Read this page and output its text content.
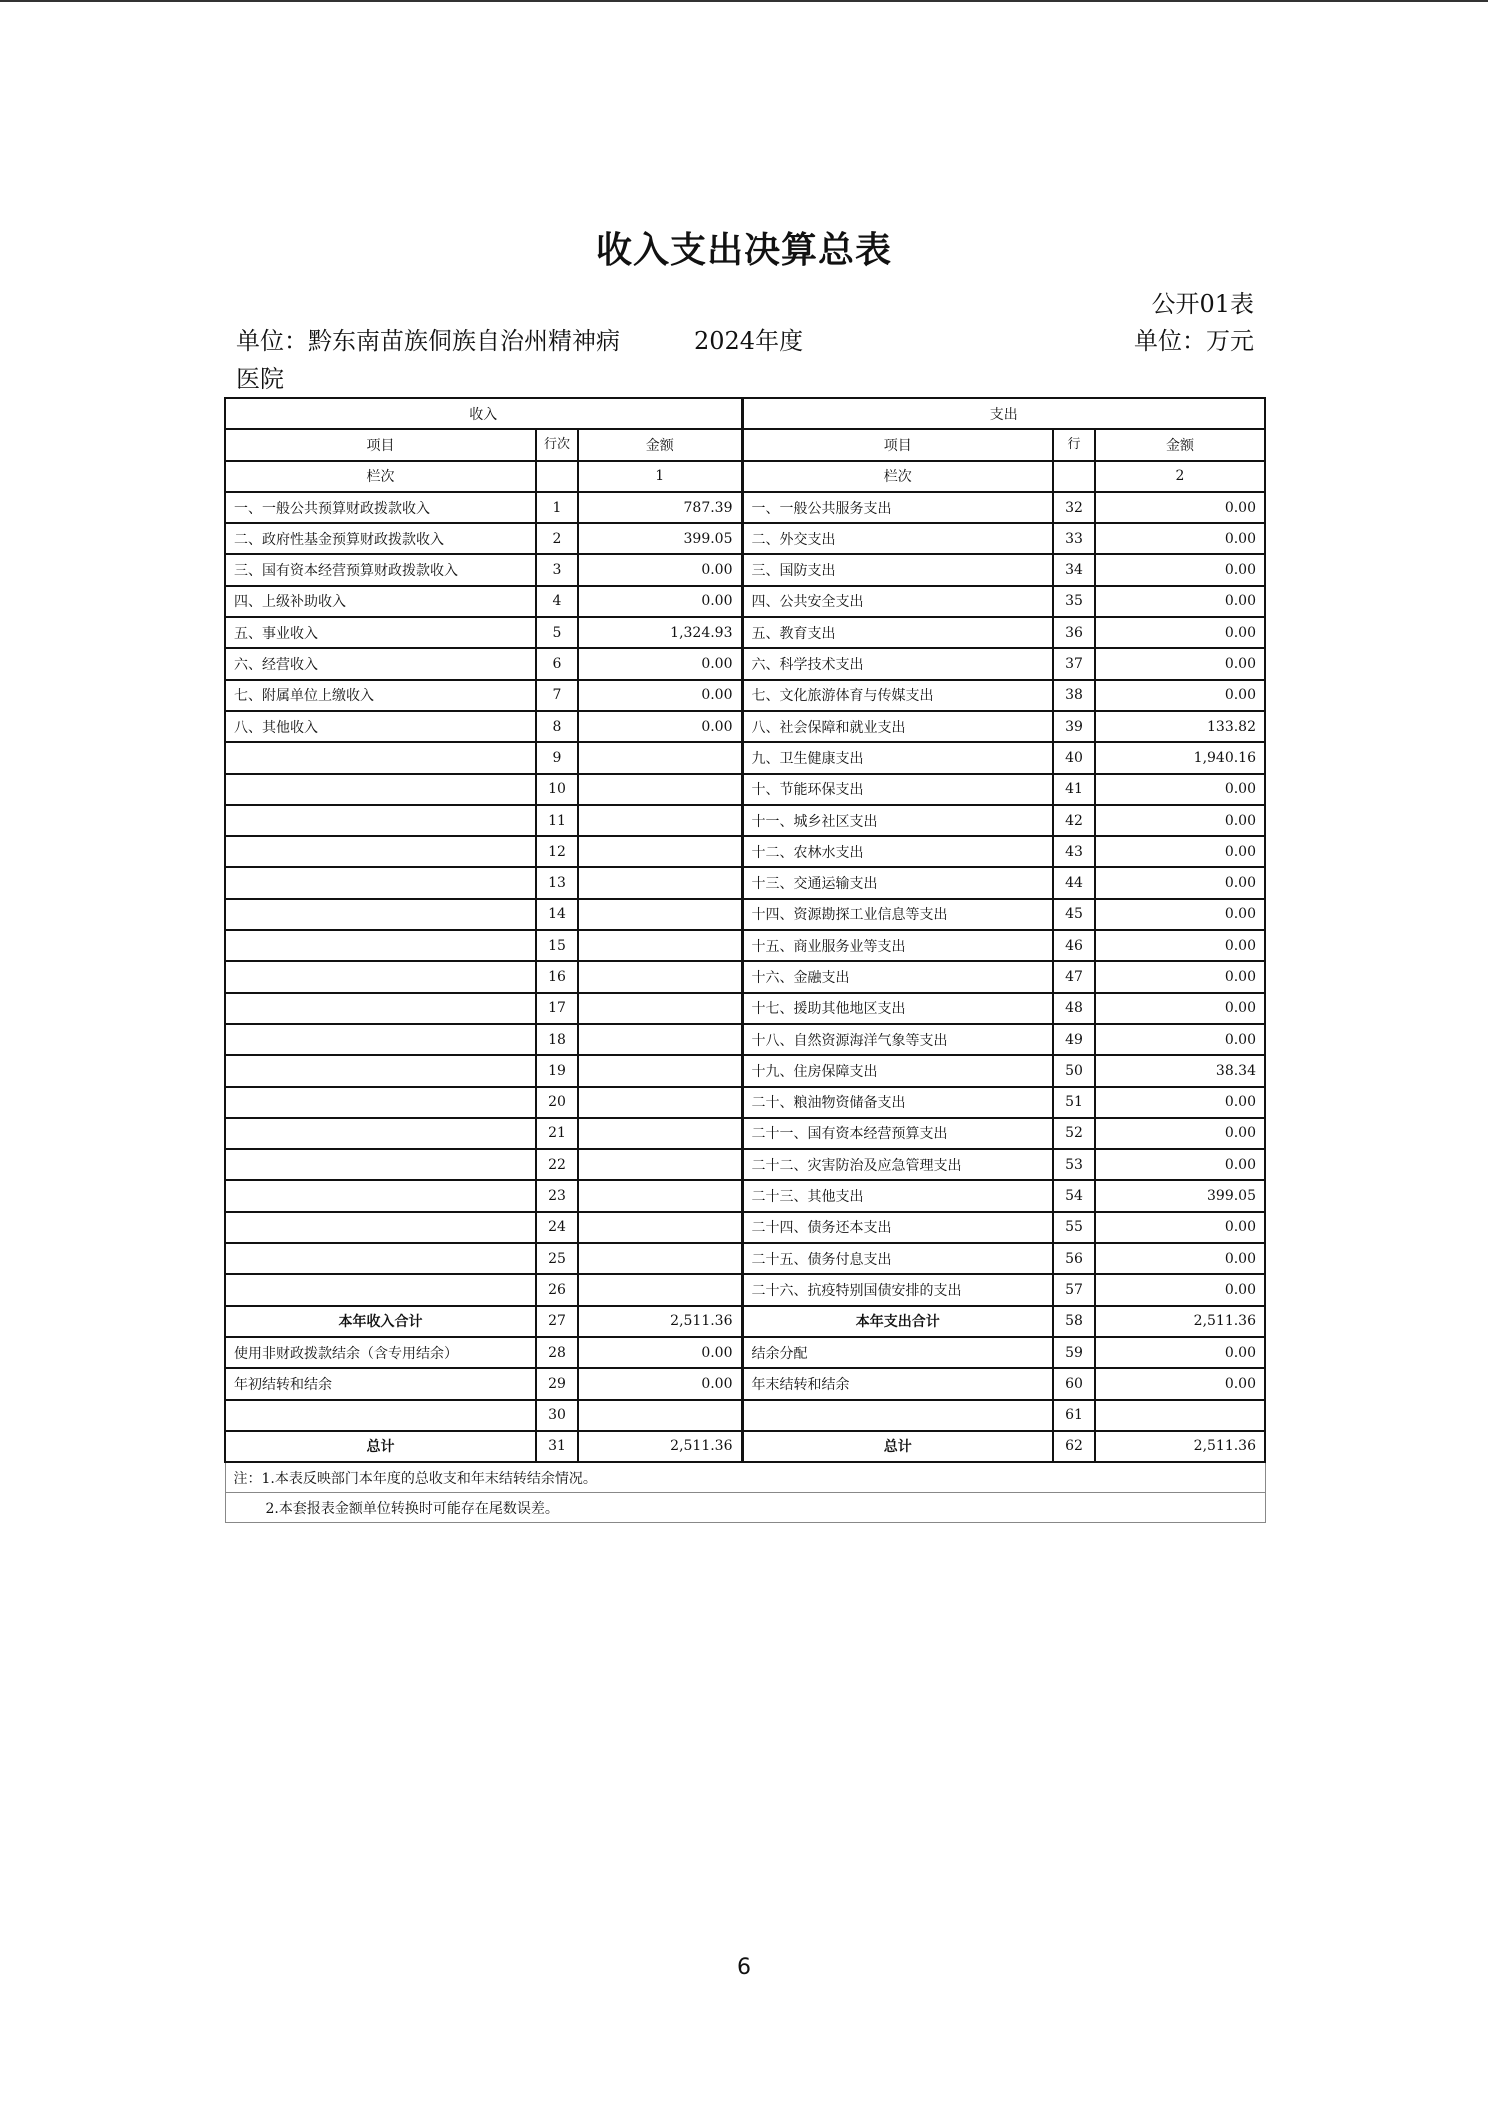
收入支出决算总表
公开01表
单位：黔东南苗族侗族自治州精神病医院
2024年度	单位：万元
收入			支出		
项目	行次	金额	项目	行	金额
栏次		1	栏次		2
一、一般公共预算财政拨款收入	1	787.39	一、一般公共服务支出	32	0.00
二、政府性基金预算财政拨款收入	2	399.05	二、外交支出	33	0.00
三、国有资本经营预算财政拨款收入	3	0.00	三、国防支出	34	0.00
四、上级补助收入	4	0.00	四、公共安全支出	35	0.00
五、事业收入	5	1,324.93	五、教育支出	36	0.00
六、经营收入	6	0.00	六、科学技术支出	37	0.00
七、附属单位上缴收入	7	0.00	七、文化旅游体育与传媒支出	38	0.00
八、其他收入	8	0.00	八、社会保障和就业支出	39	133.82
	9		九、卫生健康支出	40	1,940.16
	10		十、节能环保支出	41	0.00
	11		十一、城乡社区支出	42	0.00
	12		十二、农林水支出	43	0.00
	13		十三、交通运输支出	44	0.00
	14		十四、资源勘探工业信息等支出	45	0.00
	15		十五、商业服务业等支出	46	0.00
	16		十六、金融支出	47	0.00
	17		十七、援助其他地区支出	48	0.00
	18		十八、自然资源海洋气象等支出	49	0.00
	19		十九、住房保障支出	50	38.34
	20		二十、粮油物资储备支出	51	0.00
	21		二十一、国有资本经营预算支出	52	0.00
	22		二十二、灾害防治及应急管理支出	53	0.00
	23		二十三、其他支出	54	399.05
	24		二十四、债务还本支出	55	0.00
	25		二十五、债务付息支出	56	0.00
	26		二十六、抗疫特别国债安排的支出	57	0.00
本年收入合计	27	2,511.36	本年支出合计	58	2,511.36
使用非财政拨款结余（含专用结余）	28	0.00	结余分配	59	0.00
年初结转和结余	29	0.00	年末结转和结余	60	0.00
	30			61	
总计	31	2,511.36	总计	62	2,511.36
注：1.本表反映部门本年度的总收支和年末结转结余情况。					
2.本套报表金额单位转换时可能存在尾数误差。					
6
